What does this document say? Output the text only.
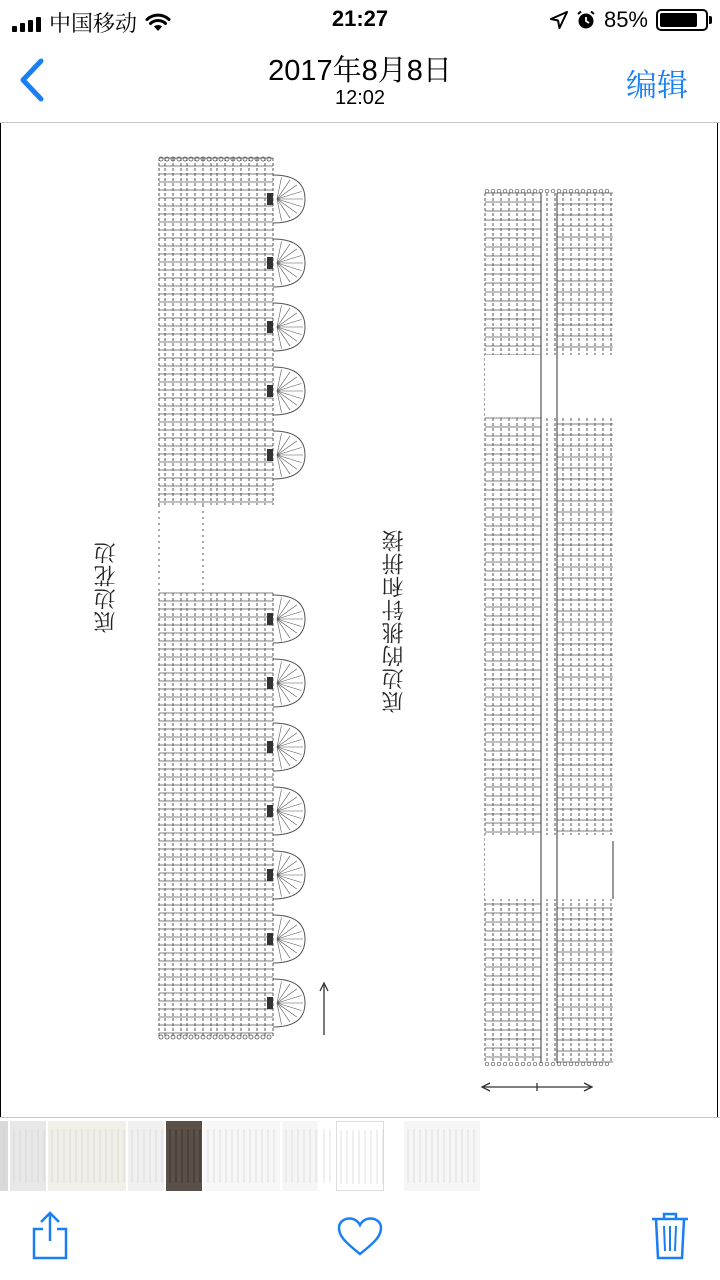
中国移动	21:27	85%
2017年8月8日
12:02	编辑
底边花边	底边的挑针和拼接
